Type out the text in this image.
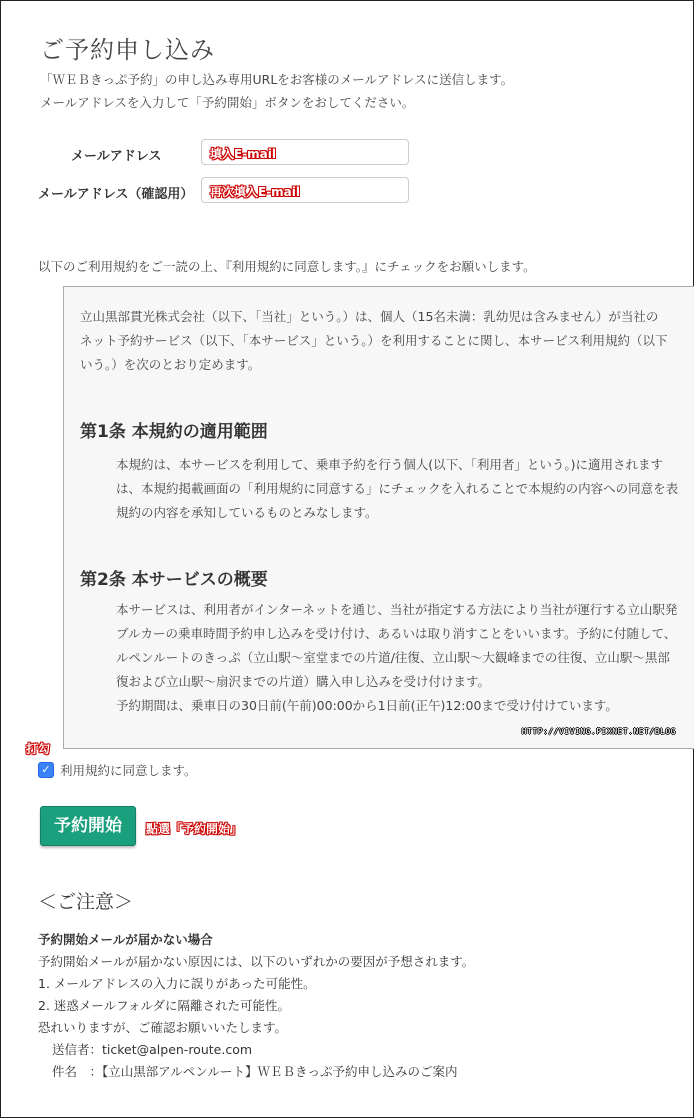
ご予約申し込み
「ＷＥＢきっぷ予約」の申し込み専用URLをお客様のメールアドレスに送信します。
メールアドレスを入力して「予約開始」ボタンをおしてください。
メールアドレス	填入E-mail
メールアドレス（確認用） 再次填入E-mail
以下のご利用規約をご一読の上、『利用規約に同意します。』にチェックをお願いします。

立山黒部貫光株式会社（以下、「当社」という。）は、個人（15名未満：乳幼児は含みません）が当社の

ネット予約サービス（以下、「本サービス」という。）を利用することに関し、本サービス利用規約（以下

いう。）を次のとおり定めます。

第1条 本規約の適用範囲

本規約は、本サービスを利用して、乗車予約を行う個人(以下、「利用者」という。)に適用されます

は、本規約掲載画面の「利用規約に同意する」にチェックを入れることで本規約の内容への同意を表

規約の内容を承知しているものとみなします。

第2条 本サービスの概要

本サービスは、利用者がインターネットを通じ、当社が指定する方法により当社が運行する立山駅発

ブルカーの乗車時間予約申し込みを受け付け、あるいは取り消すことをいいます。予約に付随して、

ルペンルートのきっぷ（立山駅～室堂までの片道/往復、立山駅～大観峰までの往復、立山駅～黒部

復および立山駅～扇沢までの片道）購入申し込みを受け付けます。

予約期間は、乗車日の30日前(午前)00:00から1日前(正午)12:00まで受け付けています。

HTTP://VIVING.PIXNET.NET/BLOG
打勾
✓ 利用規約に同意します。
予約開始	點選「予約開始」
＜ご注意＞
予約開始メールが届かない場合
予約開始メールが届かない原因には、以下のいずれかの要因が予想されます。
1. メールアドレスの入力に誤りがあった可能性。
2. 迷惑メールフォルダに隔離された可能性。
恐れいりますが、ご確認お願いいたします。
送信者：ticket@alpen-route.com
件名　：【立山黒部アルペンルート】ＷＥＢきっぷ予約申し込みのご案内
